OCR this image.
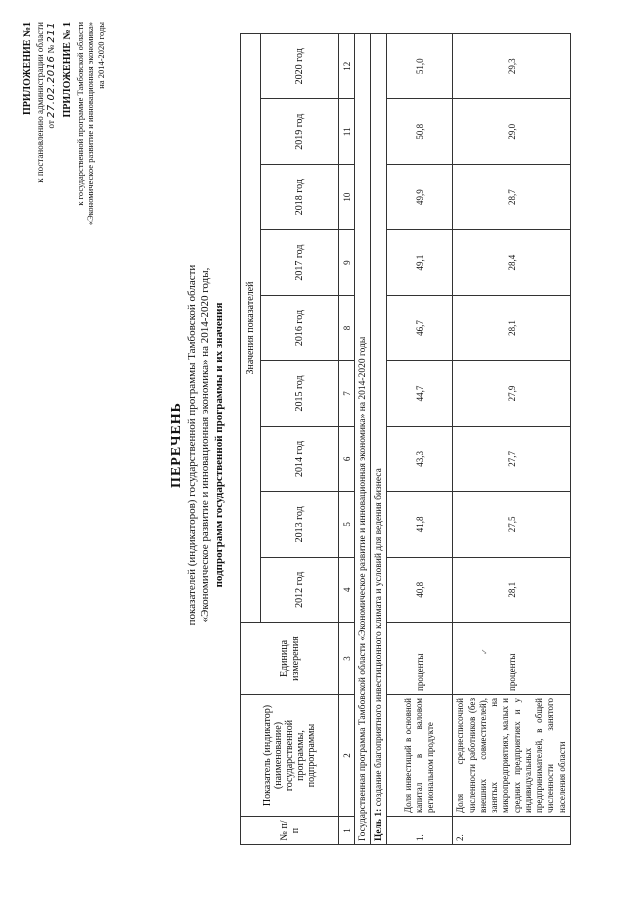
ПРИЛОЖЕНИЕ №1 к постановлению администрации области от 27.02.2016 № 211 ПРИЛОЖЕНИЕ № 1 к государственной программе Тамбовской области «Экономическое развитие и инновационная экономика» на 2014-2020 годы
ПЕРЕЧЕНЬ показателей (индикаторов) государственной программы Тамбовской области «Экономическое развитие и инновационная экономика» на 2014-2020 годы, подпрограмм государственной программы и их значения
№ п/п	Показатель (индикатор) (наименование) государственной программы, подпрограммы	Единица измерения	Значения показателей								
			2012 год	2013 год	2014 год	2015 год	2016 год	2017 год	2018 год	2019 год	2020 год
1	2	3	4	5	6	7	8	9	10	11	12
Государственная программа Тамбовской области «Экономическое развитие и инновационная экономика» на 2014-2020 годы											
Цель 1: создание благоприятного инвестиционного климата и условий для ведения бизнеса											
1.	Доля инвестиций в основной капитал в валовом региональном продукте	проценты	40,8	41,8	43,3	44,7	46,7	49,1	49,9	50,8	51,0
2.	Доля среднесписочной численности работников (без внешних совместителей), занятых на микропредприятиях, малых и средних предприятиях и у индивидуальных предпринимателей, в общей численности занятого населения области	проценты	28,1	27,5	27,7	27,9	28,1	28,4	28,7	29,0	29,3
✓
